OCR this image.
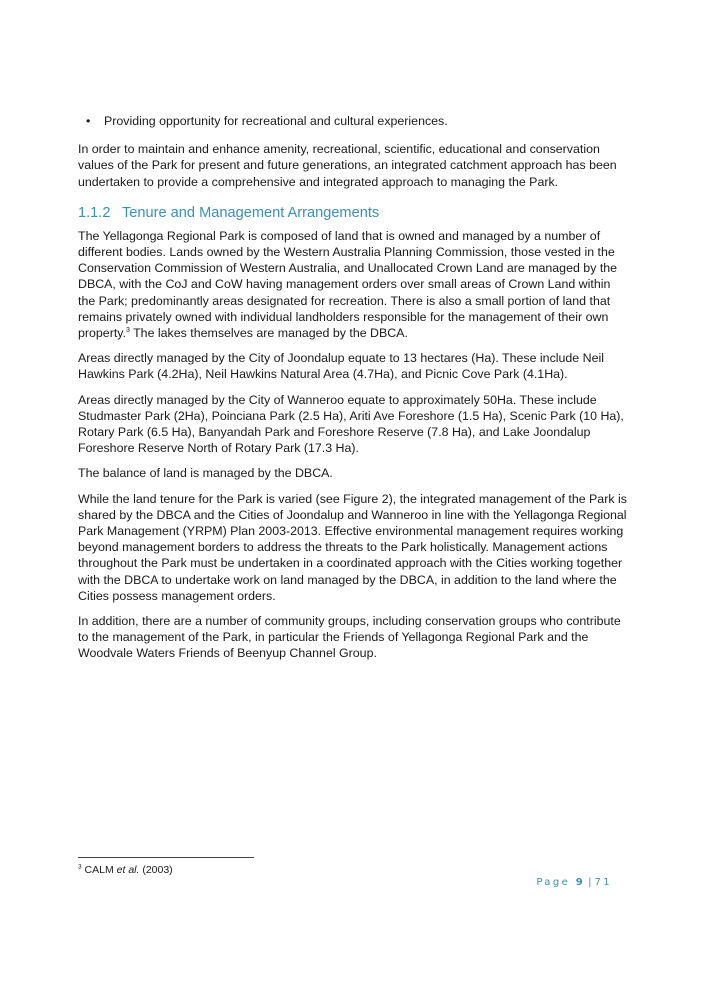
• Providing opportunity for recreational and cultural experiences.

In order to maintain and enhance amenity, recreational, scientific, educational and conservation values of the Park for present and future generations, an integrated catchment approach has been undertaken to provide a comprehensive and integrated approach to managing the Park.

1.1.2 Tenure and Management Arrangements

The Yellagonga Regional Park is composed of land that is owned and managed by a number of different bodies. Lands owned by the Western Australia Planning Commission, those vested in the Conservation Commission of Western Australia, and Unallocated Crown Land are managed by the DBCA, with the CoJ and CoW having management orders over small areas of Crown Land within the Park; predominantly areas designated for recreation. There is also a small portion of land that remains privately owned with individual landholders responsible for the management of their own property.$^3$ The lakes themselves are managed by the DBCA.

Areas directly managed by the City of Joondalup equate to 13 hectares (Ha). These include Neil Hawkins Park (4.2Ha), Neil Hawkins Natural Area (4.7Ha), and Picnic Cove Park (4.1Ha).

Areas directly managed by the City of Wanneroo equate to approximately 50Ha. These include Studmaster Park (2Ha), Poinciana Park (2.5 Ha), Ariti Ave Foreshore (1.5 Ha), Scenic Park (10 Ha), Rotary Park (6.5 Ha), Banyandah Park and Foreshore Reserve (7.8 Ha), and Lake Joondalup Foreshore Reserve North of Rotary Park (17.3 Ha).

The balance of land is managed by the DBCA.

While the land tenure for the Park is varied (see Figure 2), the integrated management of the Park is shared by the DBCA and the Cities of Joondalup and Wanneroo in line with the Yellagonga Regional Park Management (YRPM) Plan 2003-2013. Effective environmental management requires working beyond management borders to address the threats to the Park holistically. Management actions throughout the Park must be undertaken in a coordinated approach with the Cities working together with the DBCA to undertake work on land managed by the DBCA, in addition to the land where the Cities possess management orders.

In addition, there are a number of community groups, including conservation groups who contribute to the management of the Park, in particular the Friends of Yellagonga Regional Park and the Woodvale Waters Friends of Beenyup Channel Group.

$^3$ CALM et al. (2003)
Page 9 | 71
